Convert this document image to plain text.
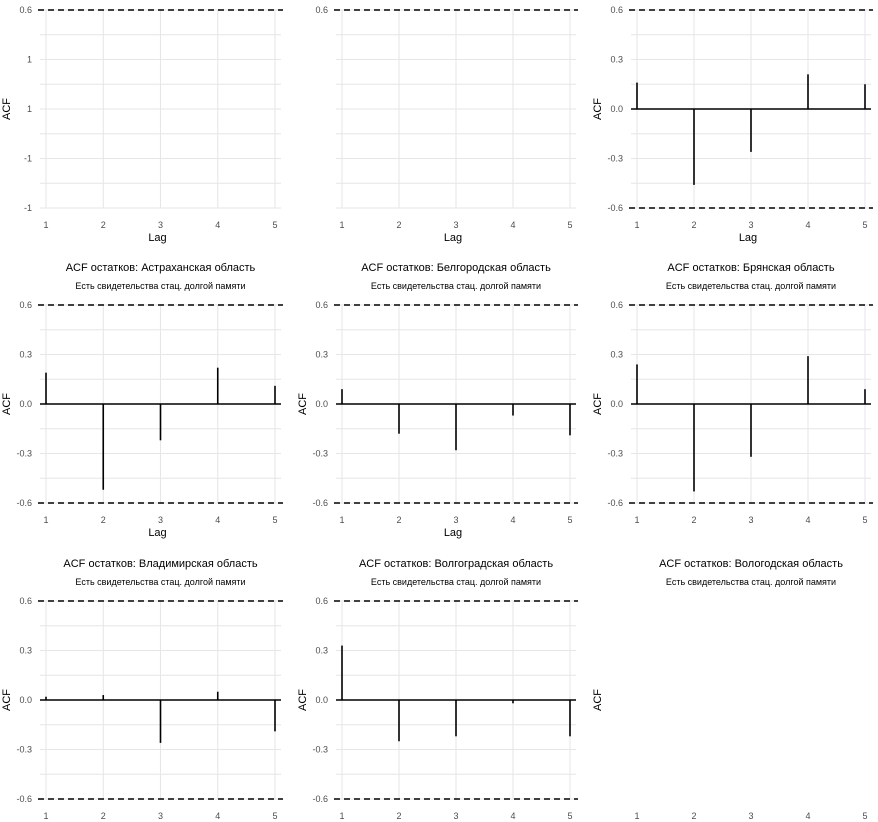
0.6
1
1
-1
-1
1	2	3	4	5
Lag
ACF
0.6
1	2	3	4	5
Lag
0.6
0.3
0.0
-0.3
-0.6
1	2	3	4	5
Lag
ACF
0.6
0.3
0.0
-0.3
-0.6
1	2	3	4	5
Lag
ACF
ACF остатков: Астраханская область
Есть свидетельства стац. долгой памяти
0.6
0.3
0.0
-0.3
-0.6
1	2	3	4	5
Lag
ACF
ACF остатков: Белгородская область
Есть свидетельства стац. долгой памяти
0.6
0.3
0.0
-0.3
-0.6
1	2	3	4	5
ACF
ACF остатков: Брянская область
Есть свидетельства стац. долгой памяти
0.6
0.3
0.0
-0.3
-0.6
1	2	3	4	5
ACF
ACF остатков: Владимирская область
Есть свидетельства стац. долгой памяти
0.6
0.3
0.0
-0.3
-0.6
1	2	3	4	5
ACF
ACF остатков: Волгоградская область
Есть свидетельства стац. долгой памяти
1	2	3	4	5
ACF
ACF остатков: Вологодская область
Есть свидетельства стац. долгой памяти
